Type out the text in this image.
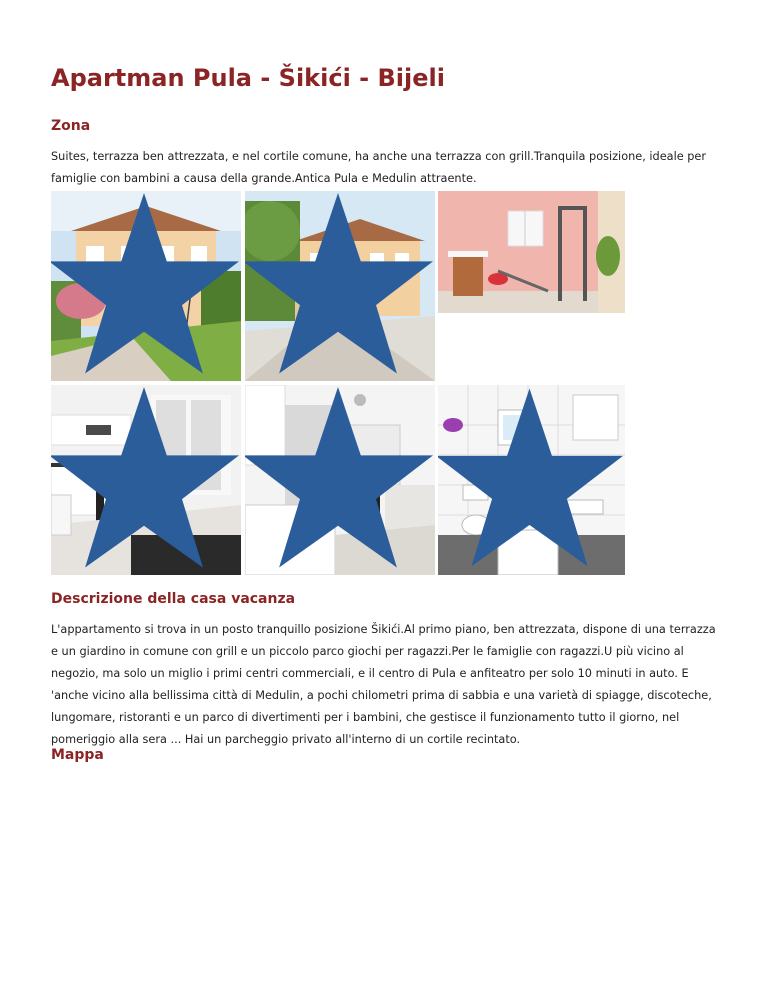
Apartman Pula - Šikići - Bijeli
Zona

Suites, terrazza ben attrezzata, e nel cortile comune, ha anche una terrazza con grill.Tranquila posizione, ideale per famiglie con bambini a causa della grande.Antica Pula e Medulin attraente.

Descrizione della casa vacanza

L'appartamento si trova in un posto tranquillo posizione Šikići.Al primo piano, ben attrezzata, dispone di una terrazza e un giardino in comune con grill e un piccolo parco giochi per ragazzi.Per le famiglie con ragazzi.U più vicino al negozio, ma solo un miglio i primi centri commerciali, e il centro di Pula e anfiteatro per solo 10 minuti in auto. E 'anche vicino alla bellissima città di Medulin, a pochi chilometri prima di sabbia e una varietà di spiagge, discoteche, lungomare, ristoranti e un parco di divertimenti per i bambini, che gestisce il funzionamento tutto il giorno, nel pomeriggio alla sera ... Hai un parcheggio privato all'interno di un cortile recintato.

Mappa
